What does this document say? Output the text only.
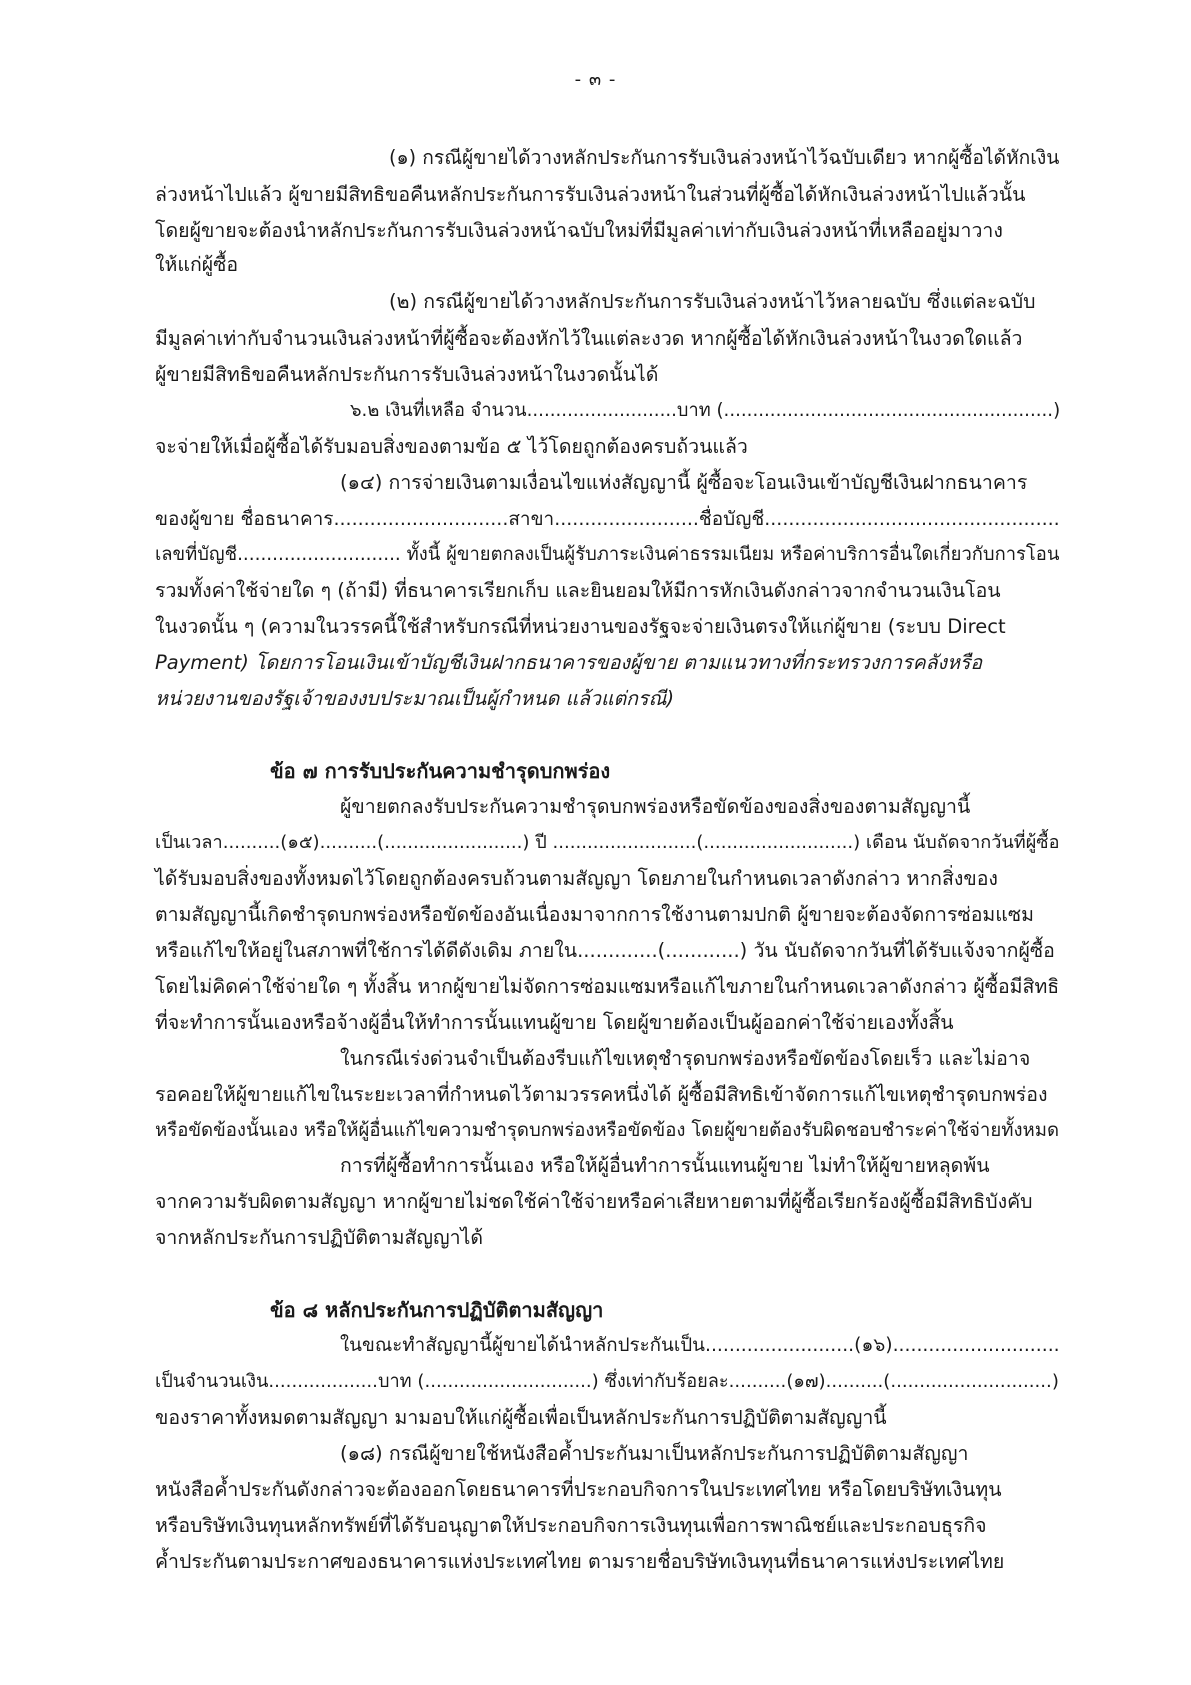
- ๓ -
(๑) กรณีผู้ขายได้วางหลักประกันการรับเงินล่วงหน้าไว้ฉบับเดียว หากผู้ซื้อได้หักเงิน
ล่วงหน้าไปแล้ว ผู้ขายมีสิทธิขอคืนหลักประกันการรับเงินล่วงหน้าในส่วนที่ผู้ซื้อได้หักเงินล่วงหน้าไปแล้วนั้น
โดยผู้ขายจะต้องนำหลักประกันการรับเงินล่วงหน้าฉบับใหม่ที่มีมูลค่าเท่ากับเงินล่วงหน้าที่เหลืออยู่มาวาง
ให้แก่ผู้ซื้อ
(๒) กรณีผู้ขายได้วางหลักประกันการรับเงินล่วงหน้าไว้หลายฉบับ ซึ่งแต่ละฉบับ
มีมูลค่าเท่ากับจำนวนเงินล่วงหน้าที่ผู้ซื้อจะต้องหักไว้ในแต่ละงวด หากผู้ซื้อได้หักเงินล่วงหน้าในงวดใดแล้ว
ผู้ขายมีสิทธิขอคืนหลักประกันการรับเงินล่วงหน้าในงวดนั้นได้
๖.๒ เงินที่เหลือ จำนวน..........................บาท (.........................................................)
จะจ่ายให้เมื่อผู้ซื้อได้รับมอบสิ่งของตามข้อ ๕ ไว้โดยถูกต้องครบถ้วนแล้ว
(๑๔) การจ่ายเงินตามเงื่อนไขแห่งสัญญานี้ ผู้ซื้อจะโอนเงินเข้าบัญชีเงินฝากธนาคาร
ของผู้ขาย ชื่อธนาคาร.............................สาขา........................ชื่อบัญชี.................................................
เลขที่บัญชี............................ ทั้งนี้ ผู้ขายตกลงเป็นผู้รับภาระเงินค่าธรรมเนียม หรือค่าบริการอื่นใดเกี่ยวกับการโอน
รวมทั้งค่าใช้จ่ายใด ๆ (ถ้ามี) ที่ธนาคารเรียกเก็บ และยินยอมให้มีการหักเงินดังกล่าวจากจำนวนเงินโอน
ในงวดนั้น ๆ (ความในวรรคนี้ใช้สำหรับกรณีที่หน่วยงานของรัฐจะจ่ายเงินตรงให้แก่ผู้ขาย (ระบบ Direct
Payment) โดยการโอนเงินเข้าบัญชีเงินฝากธนาคารของผู้ขาย ตามแนวทางที่กระทรวงการคลังหรือ
หน่วยงานของรัฐเจ้าของงบประมาณเป็นผู้กำหนด แล้วแต่กรณี)
ผู้ขายตกลงรับประกันความชำรุดบกพร่องหรือขัดข้องของสิ่งของตามสัญญานี้
เป็นเวลา..........(๑๕)..........(........................) ปี .........................(..........................) เดือน นับถัดจากวันที่ผู้ซื้อ
ได้รับมอบสิ่งของทั้งหมดไว้โดยถูกต้องครบถ้วนตามสัญญา โดยภายในกำหนดเวลาดังกล่าว หากสิ่งของ
ตามสัญญานี้เกิดชำรุดบกพร่องหรือขัดข้องอันเนื่องมาจากการใช้งานตามปกติ ผู้ขายจะต้องจัดการซ่อมแซม
หรือแก้ไขให้อยู่ในสภาพที่ใช้การได้ดีดังเดิม ภายใน.............(............) วัน นับถัดจากวันที่ได้รับแจ้งจากผู้ซื้อ
โดยไม่คิดค่าใช้จ่ายใด ๆ ทั้งสิ้น หากผู้ขายไม่จัดการซ่อมแซมหรือแก้ไขภายในกำหนดเวลาดังกล่าว ผู้ซื้อมีสิทธิ
ที่จะทำการนั้นเองหรือจ้างผู้อื่นให้ทำการนั้นแทนผู้ขาย โดยผู้ขายต้องเป็นผู้ออกค่าใช้จ่ายเองทั้งสิ้น
ในกรณีเร่งด่วนจำเป็นต้องรีบแก้ไขเหตุชำรุดบกพร่องหรือขัดข้องโดยเร็ว และไม่อาจ
รอคอยให้ผู้ขายแก้ไขในระยะเวลาที่กำหนดไว้ตามวรรคหนึ่งได้ ผู้ซื้อมีสิทธิเข้าจัดการแก้ไขเหตุชำรุดบกพร่อง
หรือขัดข้องนั้นเอง หรือให้ผู้อื่นแก้ไขความชำรุดบกพร่องหรือขัดข้อง โดยผู้ขายต้องรับผิดชอบชำระค่าใช้จ่ายทั้งหมด
การที่ผู้ซื้อทำการนั้นเอง หรือให้ผู้อื่นทำการนั้นแทนผู้ขาย ไม่ทำให้ผู้ขายหลุดพ้น
จากความรับผิดตามสัญญา หากผู้ขายไม่ชดใช้ค่าใช้จ่ายหรือค่าเสียหายตามที่ผู้ซื้อเรียกร้องผู้ซื้อมีสิทธิบังคับ
จากหลักประกันการปฏิบัติตามสัญญาได้
ในขณะทำสัญญานี้ผู้ขายได้นำหลักประกันเป็น.........................(๑๖)............................
เป็นจำนวนเงิน...................บาท (.............................) ซึ่งเท่ากับร้อยละ..........(๑๗)..........(............................)
ของราคาทั้งหมดตามสัญญา มามอบให้แก่ผู้ซื้อเพื่อเป็นหลักประกันการปฏิบัติตามสัญญานี้
(๑๘) กรณีผู้ขายใช้หนังสือค้ำประกันมาเป็นหลักประกันการปฏิบัติตามสัญญา
หนังสือค้ำประกันดังกล่าวจะต้องออกโดยธนาคารที่ประกอบกิจการในประเทศไทย หรือโดยบริษัทเงินทุน
หรือบริษัทเงินทุนหลักทรัพย์ที่ได้รับอนุญาตให้ประกอบกิจการเงินทุนเพื่อการพาณิชย์และประกอบธุรกิจ
ค้ำประกันตามประกาศของธนาคารแห่งประเทศไทย ตามรายชื่อบริษัทเงินทุนที่ธนาคารแห่งประเทศไทย
ข้อ ๗ การรับประกันความชำรุดบกพร่อง
ข้อ ๘ หลักประกันการปฏิบัติตามสัญญา
